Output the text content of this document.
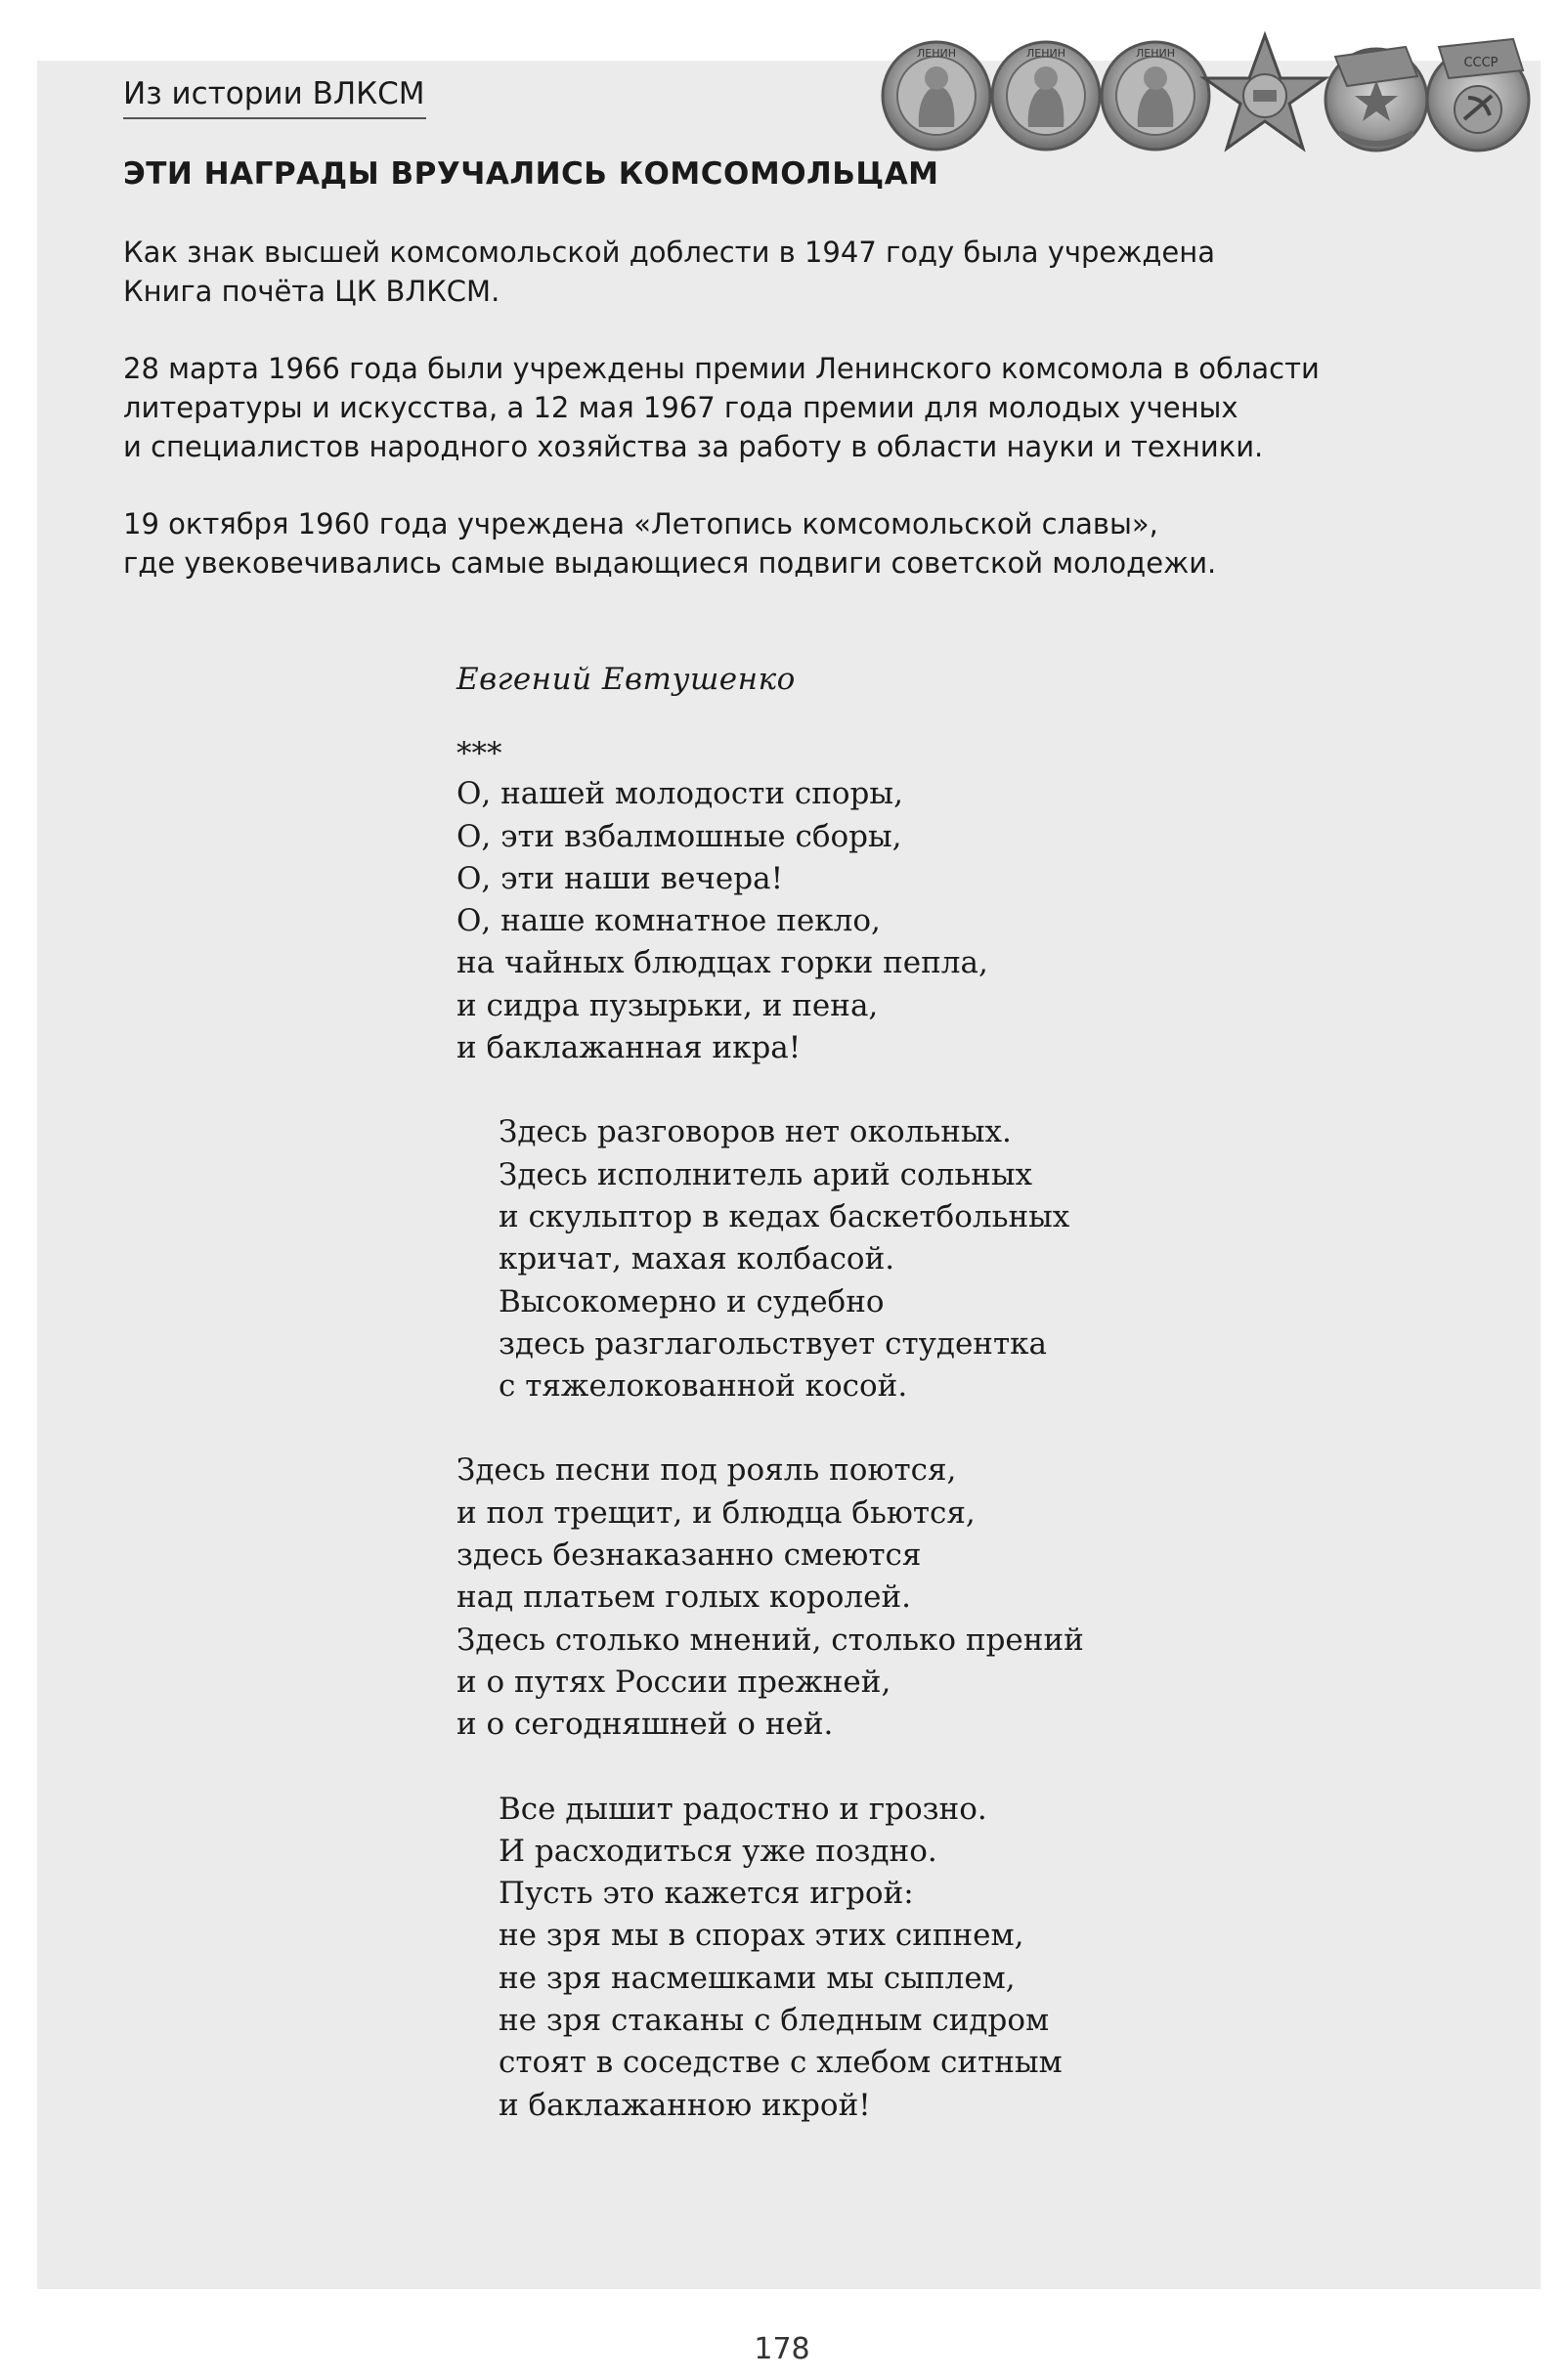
Из истории ВЛКСМ
ЛЕНИН	ЛЕНИН	ЛЕНИН
СССР
ЭТИ НАГРАДЫ ВРУЧАЛИСЬ КОМСОМОЛЬЦАМ
Как знак высшей комсомольской доблести в 1947 году была учреждена
Книга почёта ЦК ВЛКСМ.
28 марта 1966 года были учреждены премии Ленинского комсомола в области
литературы и искусства, а 12 мая 1967 года премии для молодых ученых
и специалистов народного хозяйства за работу в области науки и техники.
19 октября 1960 года учреждена «Летопись комсомольской славы»,
где увековечивались самые выдающиеся подвиги советской молодежи.
Евгений Евтушенко
***
О, нашей молодости споры,
О, эти взбалмошные сборы,
О, эти наши вечера!
О, наше комнатное пекло,
на чайных блюдцах горки пепла,
и сидра пузырьки, и пена,
и баклажанная икра!
Здесь разговоров нет окольных.
Здесь исполнитель арий сольных
и скульптор в кедах баскетбольных
кричат, махая колбасой.
Высокомерно и судебно
здесь разглагольствует студентка
с тяжелокованной косой.
Здесь песни под рояль поются,
и пол трещит, и блюдца бьются,
здесь безнаказанно смеются
над платьем голых королей.
Здесь столько мнений, столько прений
и о путях России прежней,
и о сегодняшней о ней.
Все дышит радостно и грозно.
И расходиться уже поздно.
Пусть это кажется игрой:
не зря мы в спорах этих сипнем,
не зря насмешками мы сыплем,
не зря стаканы с бледным сидром
стоят в соседстве с хлебом ситным
и баклажанною икрой!
178
